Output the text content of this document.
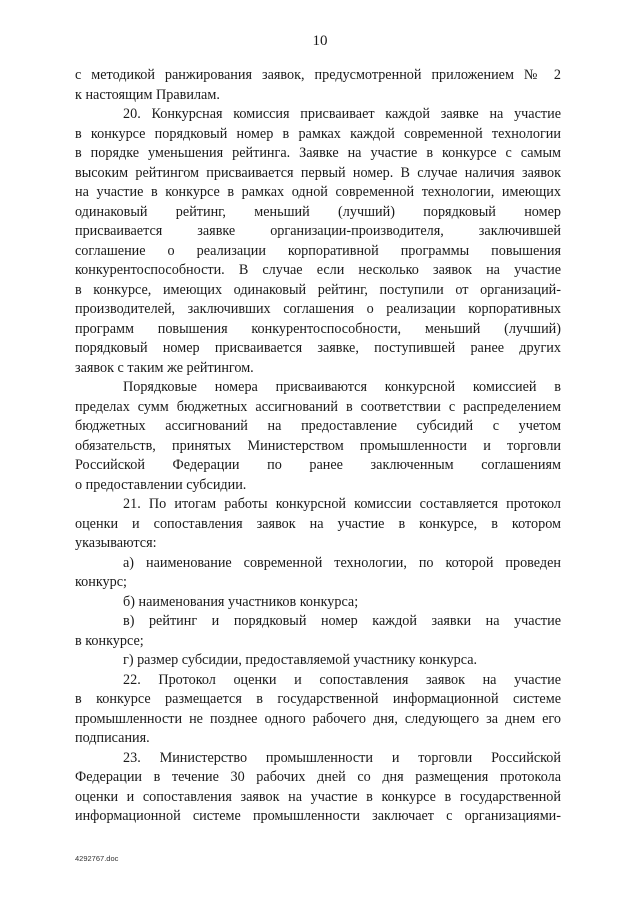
10
с методикой ранжирования заявок, предусмотренной приложением № 2
к настоящим Правилам.
20. Конкурсная комиссия присваивает каждой заявке на участие
в конкурсе порядковый номер в рамках каждой современной технологии
в порядке уменьшения рейтинга. Заявке на участие в конкурсе с самым
высоким рейтингом присваивается первый номер. В случае наличия заявок
на участие в конкурсе в рамках одной современной технологии, имеющих
одинаковый рейтинг, меньший (лучший) порядковый номер
присваивается заявке организации-производителя, заключившей
соглашение о реализации корпоративной программы повышения
конкурентоспособности. В случае если несколько заявок на участие
в конкурсе, имеющих одинаковый рейтинг, поступили от организаций-
производителей, заключивших соглашения о реализации корпоративных
программ повышения конкурентоспособности, меньший (лучший)
порядковый номер присваивается заявке, поступившей ранее других
заявок с таким же рейтингом.
Порядковые номера присваиваются конкурсной комиссией в
пределах сумм бюджетных ассигнований в соответствии с распределением
бюджетных ассигнований на предоставление субсидий с учетом
обязательств, принятых Министерством промышленности и торговли
Российской Федерации по ранее заключенным соглашениям
о предоставлении субсидии.
21. По итогам работы конкурсной комиссии составляется протокол
оценки и сопоставления заявок на участие в конкурсе, в котором
указываются:
а) наименование современной технологии, по которой проведен
конкурс;
б) наименования участников конкурса;
в) рейтинг и порядковый номер каждой заявки на участие
в конкурсе;
г) размер субсидии, предоставляемой участнику конкурса.
22. Протокол оценки и сопоставления заявок на участие
в конкурсе размещается в государственной информационной системе
промышленности не позднее одного рабочего дня, следующего за днем его
подписания.
23. Министерство промышленности и торговли Российской
Федерации в течение 30 рабочих дней со дня размещения протокола
оценки и сопоставления заявок на участие в конкурсе в государственной
информационной системе промышленности заключает с организациями-
4292767.doc
